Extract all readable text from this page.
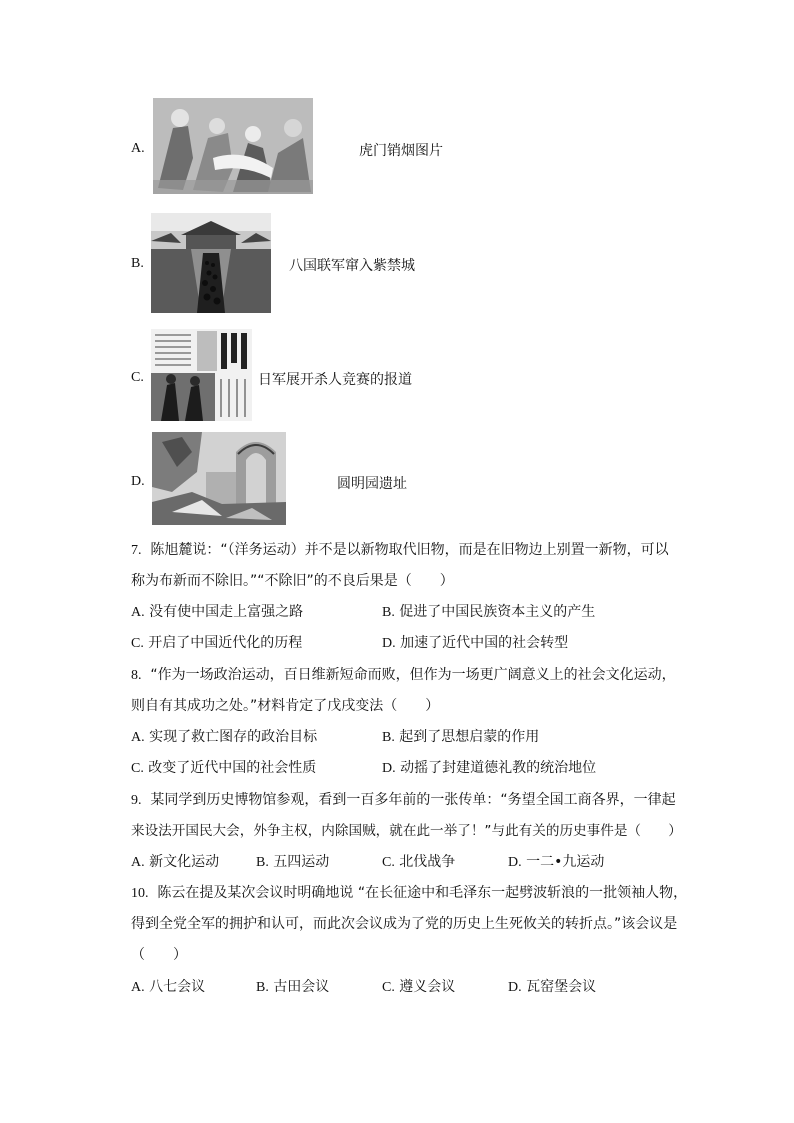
A.	虎门销烟图片
B.	八国联军窜入紫禁城
C.	日军展开杀人竞赛的报道
D.	圆明园遗址
7. 陈旭麓说：“（洋务运动）并不是以新物取代旧物，而是在旧物边上别置一新物，可以
称为布新而不除旧。”“不除旧”的不良后果是（　　）
A. 没有使中国走上富强之路	B. 促进了中国民族资本主义的产生
C. 开启了中国近代化的历程	D. 加速了近代中国的社会转型
8. “作为一场政治运动，百日维新短命而败，但作为一场更广阔意义上的社会文化运动，
则自有其成功之处。”材料肯定了戊戌变法（　　）
A. 实现了救亡图存的政治目标	B. 起到了思想启蒙的作用
C. 改变了近代中国的社会性质	D. 动摇了封建道德礼教的统治地位
9. 某同学到历史博物馆参观，看到一百多年前的一张传单：“务望全国工商各界，一律起
来设法开国民大会，外争主权，内除国贼，就在此一举了！”与此有关的历史事件是（　　）
A. 新文化运动	B. 五四运动	C. 北伐战争	D. 一二•九运动
10. 陈云在提及某次会议时明确地说 “在长征途中和毛泽东一起劈波斩浪的一批领袖人物，
得到全党全军的拥护和认可，而此次会议成为了党的历史上生死攸关的转折点。”该会议是
（　　）
A. 八七会议	B. 古田会议	C. 遵义会议	D. 瓦窑堡会议
